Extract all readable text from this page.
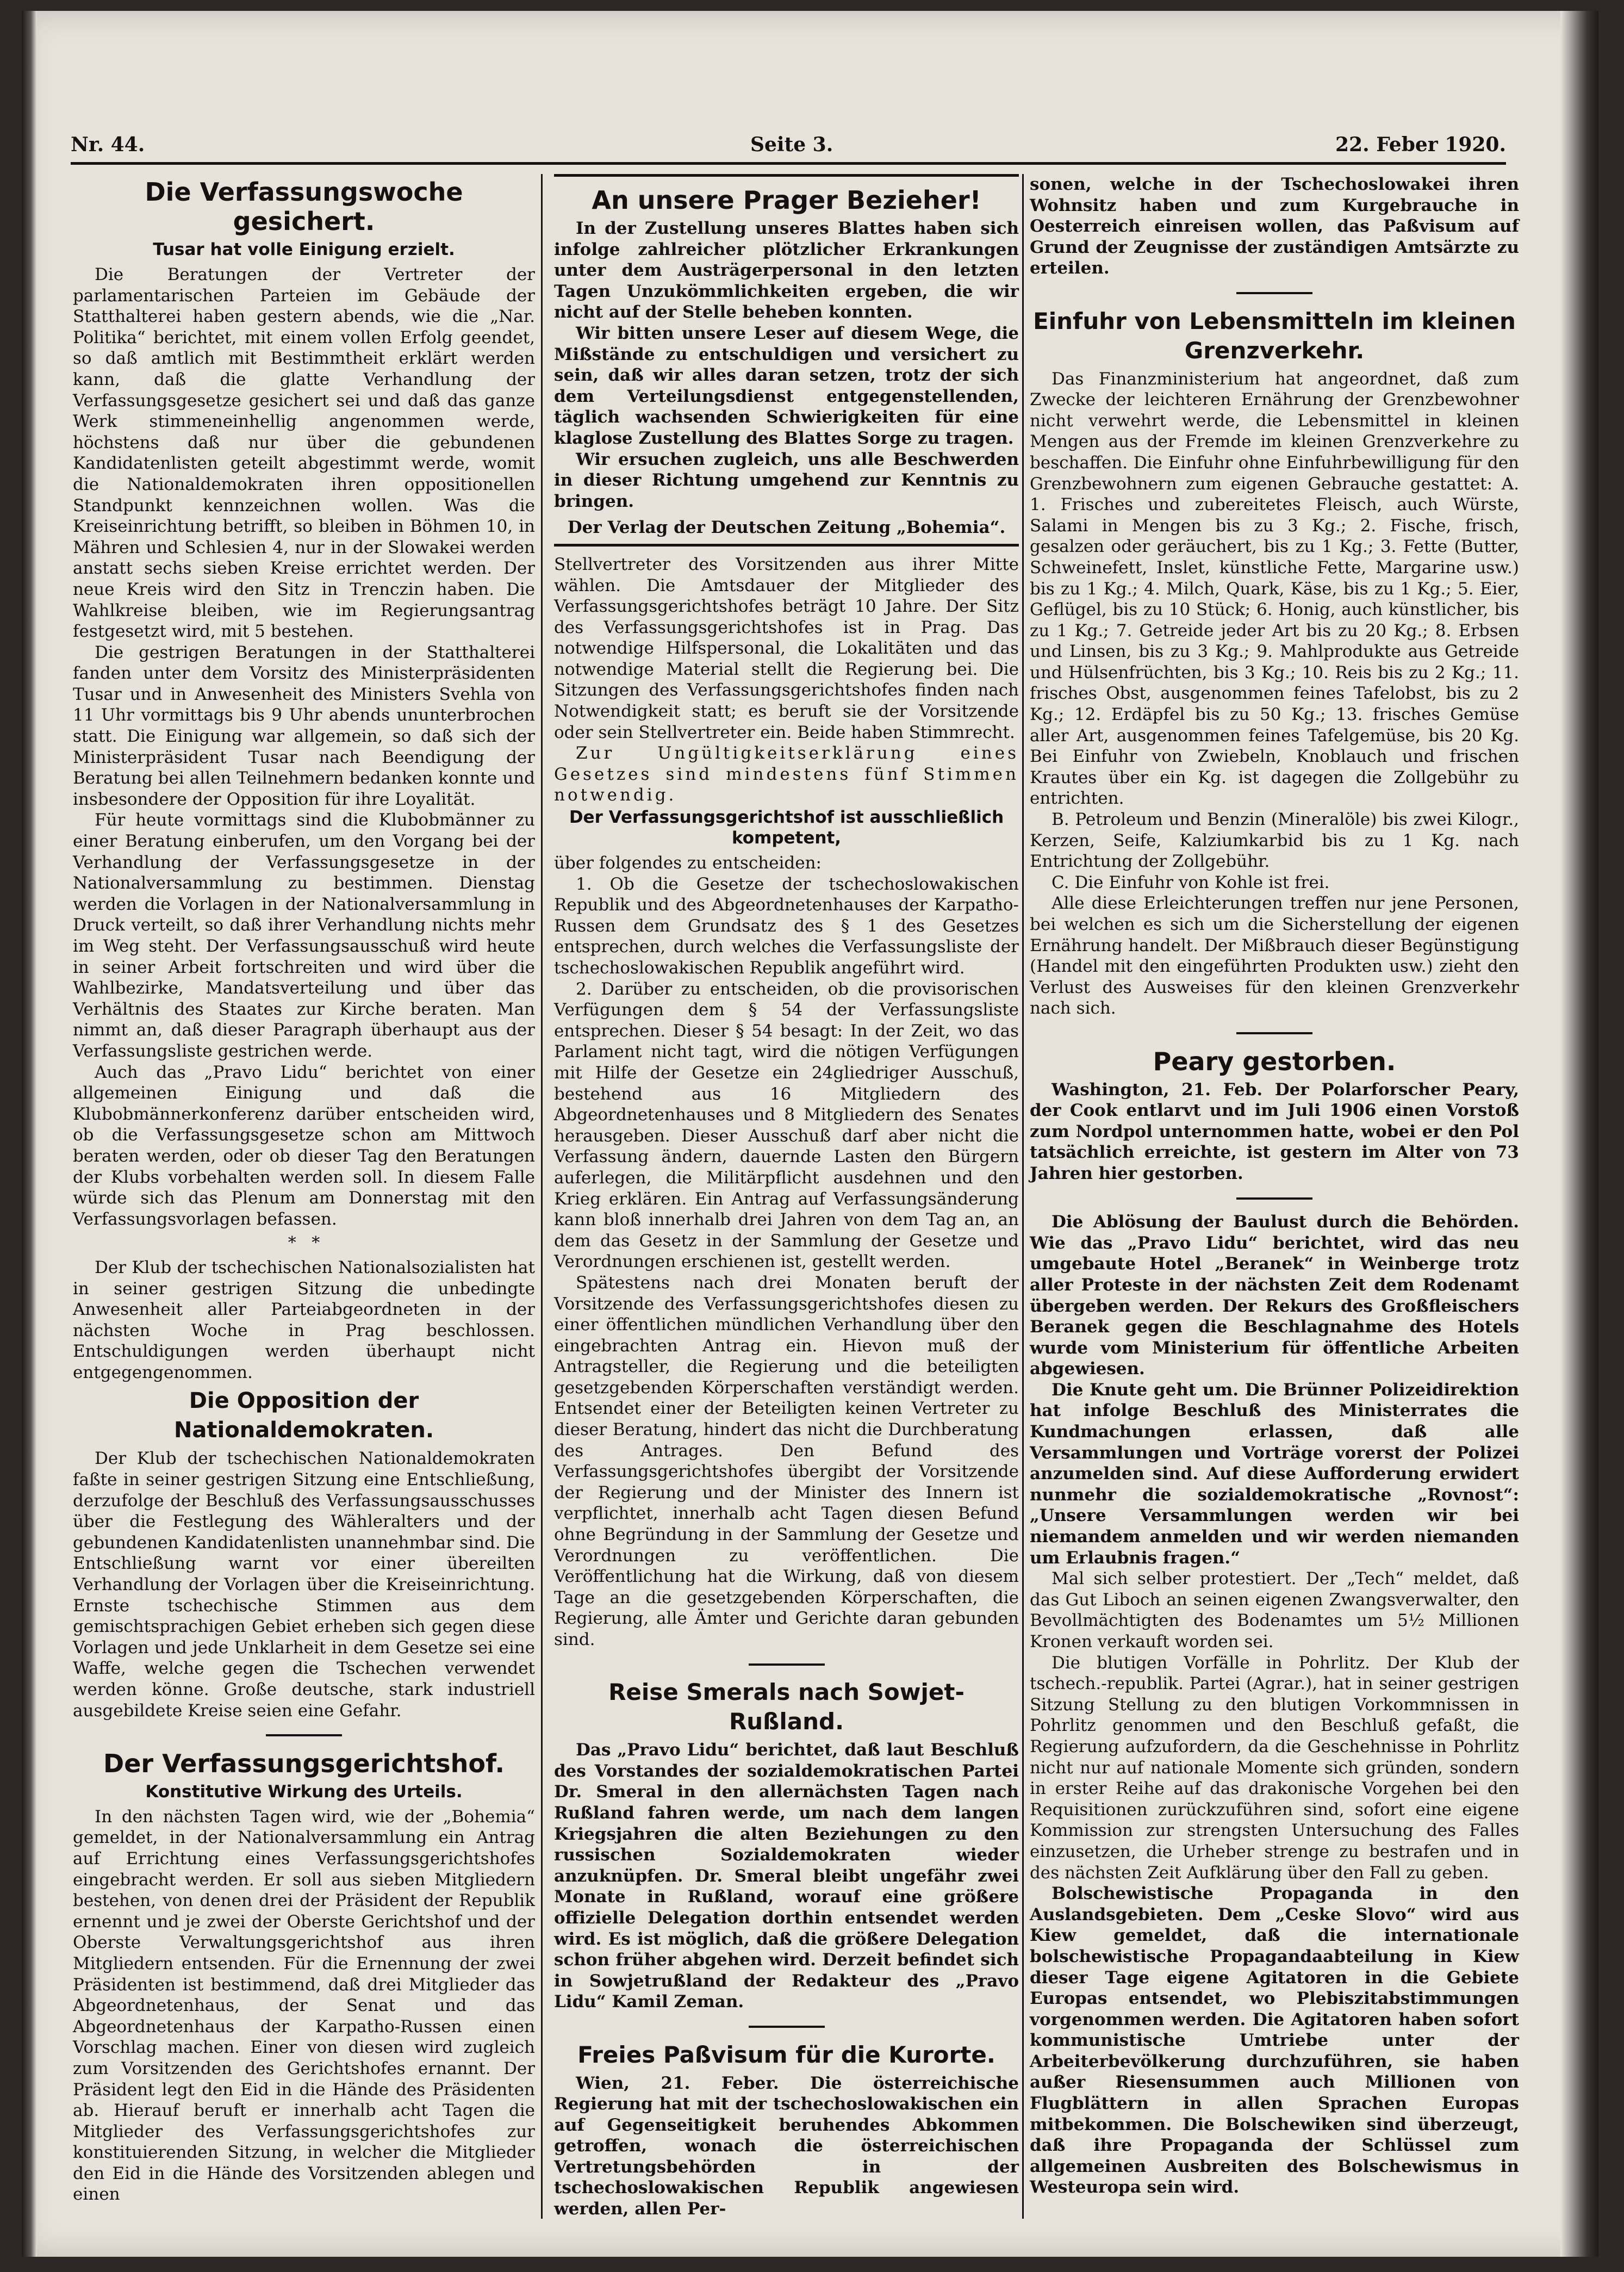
Nr. 44.	Seite 3.	22. Feber 1920.
Die Verfassungswoche gesichert.
Tusar hat volle Einigung erzielt.

Die Beratungen der Vertreter der parlamentarischen Parteien im Gebäude der Statthalterei haben gestern abends, wie die „Nar. Politika“ berichtet, mit einem vollen Erfolg geendet, so daß amtlich mit Bestimmtheit erklärt werden kann, daß die glatte Verhandlung der Verfassungsgesetze gesichert sei und daß das ganze Werk stimmeneinhellig angenommen werde, höchstens daß nur über die gebundenen Kandidatenlisten geteilt abgestimmt werde, womit die Nationaldemokraten ihren oppositionellen Standpunkt kennzeichnen wollen. Was die Kreiseinrichtung betrifft, so bleiben in Böhmen 10, in Mähren und Schlesien 4, nur in der Slowakei werden anstatt sechs sieben Kreise errichtet werden. Der neue Kreis wird den Sitz in Trenczin haben. Die Wahlkreise bleiben, wie im Regierungsantrag festgesetzt wird, mit 5 bestehen.

Die gestrigen Beratungen in der Statthalterei fanden unter dem Vorsitz des Ministerpräsidenten Tusar und in Anwesenheit des Ministers Svehla von 11 Uhr vormittags bis 9 Uhr abends ununterbrochen statt. Die Einigung war allgemein, so daß sich der Ministerpräsident Tusar nach Beendigung der Beratung bei allen Teilnehmern bedanken konnte und insbesondere der Opposition für ihre Loyalität.

Für heute vormittags sind die Klubobmänner zu einer Beratung einberufen, um den Vorgang bei der Verhandlung der Verfassungsgesetze in der Nationalversammlung zu bestimmen. Dienstag werden die Vorlagen in der Nationalversammlung in Druck verteilt, so daß ihrer Verhandlung nichts mehr im Weg steht. Der Verfassungsausschuß wird heute in seiner Arbeit fortschreiten und wird über die Wahlbezirke, Mandatsverteilung und über das Verhältnis des Staates zur Kirche beraten. Man nimmt an, daß dieser Paragraph überhaupt aus der Verfassungsliste gestrichen werde.

Auch das „Pravo Lidu“ berichtet von einer allgemeinen Einigung und daß die Klubobmännerkonferenz darüber entscheiden wird, ob die Verfassungsgesetze schon am Mittwoch beraten werden, oder ob dieser Tag den Beratungen der Klubs vorbehalten werden soll. In diesem Falle würde sich das Plenum am Donnerstag mit den Verfassungsvorlagen befassen.

*   *

Der Klub der tschechischen Nationalsozialisten hat in seiner gestrigen Sitzung die unbedingte Anwesenheit aller Parteiabgeordneten in der nächsten Woche in Prag beschlossen. Entschuldigungen werden überhaupt nicht entgegengenommen.

Die Opposition der Nationaldemokraten.

Der Klub der tschechischen Nationaldemokraten faßte in seiner gestrigen Sitzung eine Entschließung, derzufolge der Beschluß des Verfassungsausschusses über die Festlegung des Wähleralters und der gebundenen Kandidatenlisten unannehmbar sind. Die Entschließung warnt vor einer übereilten Verhandlung der Vorlagen über die Kreiseinrichtung. Ernste tschechische Stimmen aus dem gemischtsprachigen Gebiet erheben sich gegen diese Vorlagen und jede Unklarheit in dem Gesetze sei eine Waffe, welche gegen die Tschechen verwendet werden könne. Große deutsche, stark industriell ausgebildete Kreise seien eine Gefahr.

Der Verfassungsgerichtshof.
Konstitutive Wirkung des Urteils.

In den nächsten Tagen wird, wie der „Bohemia“ gemeldet, in der Nationalversammlung ein Antrag auf Errichtung eines Verfassungsgerichtshofes eingebracht werden. Er soll aus sieben Mitgliedern bestehen, von denen drei der Präsident der Republik ernennt und je zwei der Oberste Gerichtshof und der Oberste Verwaltungsgerichtshof aus ihren Mitgliedern entsenden. Für die Ernennung der zwei Präsidenten ist bestimmend, daß drei Mitglieder das Abgeordnetenhaus, der Senat und das Abgeordnetenhaus der Karpatho-Russen einen Vorschlag machen. Einer von diesen wird zugleich zum Vorsitzenden des Gerichtshofes ernannt. Der Präsident legt den Eid in die Hände des Präsidenten ab. Hierauf beruft er innerhalb acht Tagen die Mitglieder des Verfassungsgerichtshofes zur konstituierenden Sitzung, in welcher die Mitglieder den Eid in die Hände des Vorsitzenden ablegen und einen

An unsere Prager Bezieher!

In der Zustellung unseres Blattes haben sich infolge zahlreicher plötzlicher Erkrankungen unter dem Austrägerpersonal in den letzten Tagen Unzukömmlichkeiten ergeben, die wir nicht auf der Stelle beheben konnten.

Wir bitten unsere Leser auf diesem Wege, die Mißstände zu entschuldigen und versichert zu sein, daß wir alles daran setzen, trotz der sich dem Verteilungsdienst entgegenstellenden, täglich wachsenden Schwierigkeiten für eine klaglose Zustellung des Blattes Sorge zu tragen.

Wir ersuchen zugleich, uns alle Beschwerden in dieser Richtung umgehend zur Kenntnis zu bringen.

Der Verlag der Deutschen Zeitung „Bohemia“.

Stellvertreter des Vorsitzenden aus ihrer Mitte wählen. Die Amtsdauer der Mitglieder des Verfassungsgerichtshofes beträgt 10 Jahre. Der Sitz des Verfassungsgerichtshofes ist in Prag. Das notwendige Hilfspersonal, die Lokalitäten und das notwendige Material stellt die Regierung bei. Die Sitzungen des Verfassungsgerichtshofes finden nach Notwendigkeit statt; es beruft sie der Vorsitzende oder sein Stellvertreter ein. Beide haben Stimmrecht.

Zur Ungültigkeitserklärung eines Gesetzes sind mindestens fünf Stimmen notwendig.

Der Verfassungsgerichtshof ist ausschließlich kompetent,

über folgendes zu entscheiden:

1. Ob die Gesetze der tschechoslowakischen Republik und des Abgeordnetenhauses der Karpatho-Russen dem Grundsatz des § 1 des Gesetzes entsprechen, durch welches die Verfassungsliste der tschechoslowakischen Republik angeführt wird.

2. Darüber zu entscheiden, ob die provisorischen Verfügungen dem § 54 der Verfassungsliste entsprechen. Dieser § 54 besagt: In der Zeit, wo das Parlament nicht tagt, wird die nötigen Verfügungen mit Hilfe der Gesetze ein 24gliedriger Ausschuß, bestehend aus 16 Mitgliedern des Abgeordnetenhauses und 8 Mitgliedern des Senates herausgeben. Dieser Ausschuß darf aber nicht die Verfassung ändern, dauernde Lasten den Bürgern auferlegen, die Militärpflicht ausdehnen und den Krieg erklären. Ein Antrag auf Verfassungsänderung kann bloß innerhalb drei Jahren von dem Tag an, an dem das Gesetz in der Sammlung der Gesetze und Verordnungen erschienen ist, gestellt werden.

Spätestens nach drei Monaten beruft der Vorsitzende des Verfassungsgerichtshofes diesen zu einer öffentlichen mündlichen Verhandlung über den eingebrachten Antrag ein. Hievon muß der Antragsteller, die Regierung und die beteiligten gesetzgebenden Körperschaften verständigt werden. Entsendet einer der Beteiligten keinen Vertreter zu dieser Beratung, hindert das nicht die Durchberatung des Antrages. Den Befund des Verfassungsgerichtshofes übergibt der Vorsitzende der Regierung und der Minister des Innern ist verpflichtet, innerhalb acht Tagen diesen Befund ohne Begründung in der Sammlung der Gesetze und Verordnungen zu veröffentlichen. Die Veröffentlichung hat die Wirkung, daß von diesem Tage an die gesetzgebenden Körperschaften, die Regierung, alle Ämter und Gerichte daran gebunden sind.

Reise Smerals nach Sowjet-Rußland.

Das „Pravo Lidu“ berichtet, daß laut Beschluß des Vorstandes der sozialdemokratischen Partei Dr. Smeral in den allernächsten Tagen nach Rußland fahren werde, um nach dem langen Kriegsjahren die alten Beziehungen zu den russischen Sozialdemokraten wieder anzuknüpfen. Dr. Smeral bleibt ungefähr zwei Monate in Rußland, worauf eine größere offizielle Delegation dorthin entsendet werden wird. Es ist möglich, daß die größere Delegation schon früher abgehen wird. Derzeit befindet sich in Sowjetrußland der Redakteur des „Pravo Lidu“ Kamil Zeman.

Freies Paßvisum für die Kurorte.

Wien, 21. Feber. Die österreichische Regierung hat mit der tschechoslowakischen ein auf Gegenseitigkeit beruhendes Abkommen getroffen, wonach die österreichischen Vertretungsbehörden in der tschechoslowakischen Republik angewiesen werden, allen Per-

sonen, welche in der Tschechoslowakei ihren Wohnsitz haben und zum Kurgebrauche in Oesterreich einreisen wollen, das Paßvisum auf Grund der Zeugnisse der zuständigen Amtsärzte zu erteilen.

Einfuhr von Lebensmitteln im kleinen Grenzverkehr.

Das Finanzministerium hat angeordnet, daß zum Zwecke der leichteren Ernährung der Grenzbewohner nicht verwehrt werde, die Lebensmittel in kleinen Mengen aus der Fremde im kleinen Grenzverkehre zu beschaffen. Die Einfuhr ohne Einfuhrbewilligung für den Grenzbewohnern zum eigenen Gebrauche gestattet: A. 1. Frisches und zubereitetes Fleisch, auch Würste, Salami in Mengen bis zu 3 Kg.; 2. Fische, frisch, gesalzen oder geräuchert, bis zu 1 Kg.; 3. Fette (Butter, Schweinefett, Inslet, künstliche Fette, Margarine usw.) bis zu 1 Kg.; 4. Milch, Quark, Käse, bis zu 1 Kg.; 5. Eier, Geflügel, bis zu 10 Stück; 6. Honig, auch künstlicher, bis zu 1 Kg.; 7. Getreide jeder Art bis zu 20 Kg.; 8. Erbsen und Linsen, bis zu 3 Kg.; 9. Mahlprodukte aus Getreide und Hülsenfrüchten, bis 3 Kg.; 10. Reis bis zu 2 Kg.; 11. frisches Obst, ausgenommen feines Tafelobst, bis zu 2 Kg.; 12. Erdäpfel bis zu 50 Kg.; 13. frisches Gemüse aller Art, ausgenommen feines Tafelgemüse, bis 20 Kg. Bei Einfuhr von Zwiebeln, Knoblauch und frischen Krautes über ein Kg. ist dagegen die Zollgebühr zu entrichten.

B. Petroleum und Benzin (Mineralöle) bis zwei Kilogr., Kerzen, Seife, Kalziumkarbid bis zu 1 Kg. nach Entrichtung der Zollgebühr.

C. Die Einfuhr von Kohle ist frei.

Alle diese Erleichterungen treffen nur jene Personen, bei welchen es sich um die Sicherstellung der eigenen Ernährung handelt. Der Mißbrauch dieser Begünstigung (Handel mit den eingeführten Produkten usw.) zieht den Verlust des Ausweises für den kleinen Grenzverkehr nach sich.

Peary gestorben.

Washington, 21. Feb. Der Polarforscher Peary, der Cook entlarvt und im Juli 1906 einen Vorstoß zum Nordpol unternommen hatte, wobei er den Pol tatsächlich erreichte, ist gestern im Alter von 73 Jahren hier gestorben.

Die Ablösung der Baulust durch die Behörden. Wie das „Pravo Lidu“ berichtet, wird das neu umgebaute Hotel „Beranek“ in Weinberge trotz aller Proteste in der nächsten Zeit dem Rodenamt übergeben werden. Der Rekurs des Großfleischers Beranek gegen die Beschlagnahme des Hotels wurde vom Ministerium für öffentliche Arbeiten abgewiesen.

Die Knute geht um. Die Brünner Polizeidirektion hat infolge Beschluß des Ministerrates die Kundmachungen erlassen, daß alle Versammlungen und Vorträge vorerst der Polizei anzumelden sind. Auf diese Aufforderung erwidert nunmehr die sozialdemokratische „Rovnost“: „Unsere Versammlungen werden wir bei niemandem anmelden und wir werden niemanden um Erlaubnis fragen.“

Mal sich selber protestiert. Der „Tech“ meldet, daß das Gut Liboch an seinen eigenen Zwangsverwalter, den Bevollmächtigten des Bodenamtes um 5½ Millionen Kronen verkauft worden sei.

Die blutigen Vorfälle in Pohrlitz. Der Klub der tschech.-republik. Partei (Agrar.), hat in seiner gestrigen Sitzung Stellung zu den blutigen Vorkommnissen in Pohrlitz genommen und den Beschluß gefaßt, die Regierung aufzufordern, da die Geschehnisse in Pohrlitz nicht nur auf nationale Momente sich gründen, sondern in erster Reihe auf das drakonische Vorgehen bei den Requisitionen zurückzuführen sind, sofort eine eigene Kommission zur strengsten Untersuchung des Falles einzusetzen, die Urheber strenge zu bestrafen und in des nächsten Zeit Aufklärung über den Fall zu geben.

Bolschewistische Propaganda in den Auslandsgebieten. Dem „Ceske Slovo“ wird aus Kiew gemeldet, daß die internationale bolschewistische Propagandaabteilung in Kiew dieser Tage eigene Agitatoren in die Gebiete Europas entsendet, wo Plebiszitabstimmungen vorgenommen werden. Die Agitatoren haben sofort kommunistische Umtriebe unter der Arbeiterbevölkerung durchzuführen, sie haben außer Riesensummen auch Millionen von Flugblättern in allen Sprachen Europas mitbekommen. Die Bolschewiken sind überzeugt, daß ihre Propaganda der Schlüssel zum allgemeinen Ausbreiten des Bolschewismus in Westeuropa sein wird.
